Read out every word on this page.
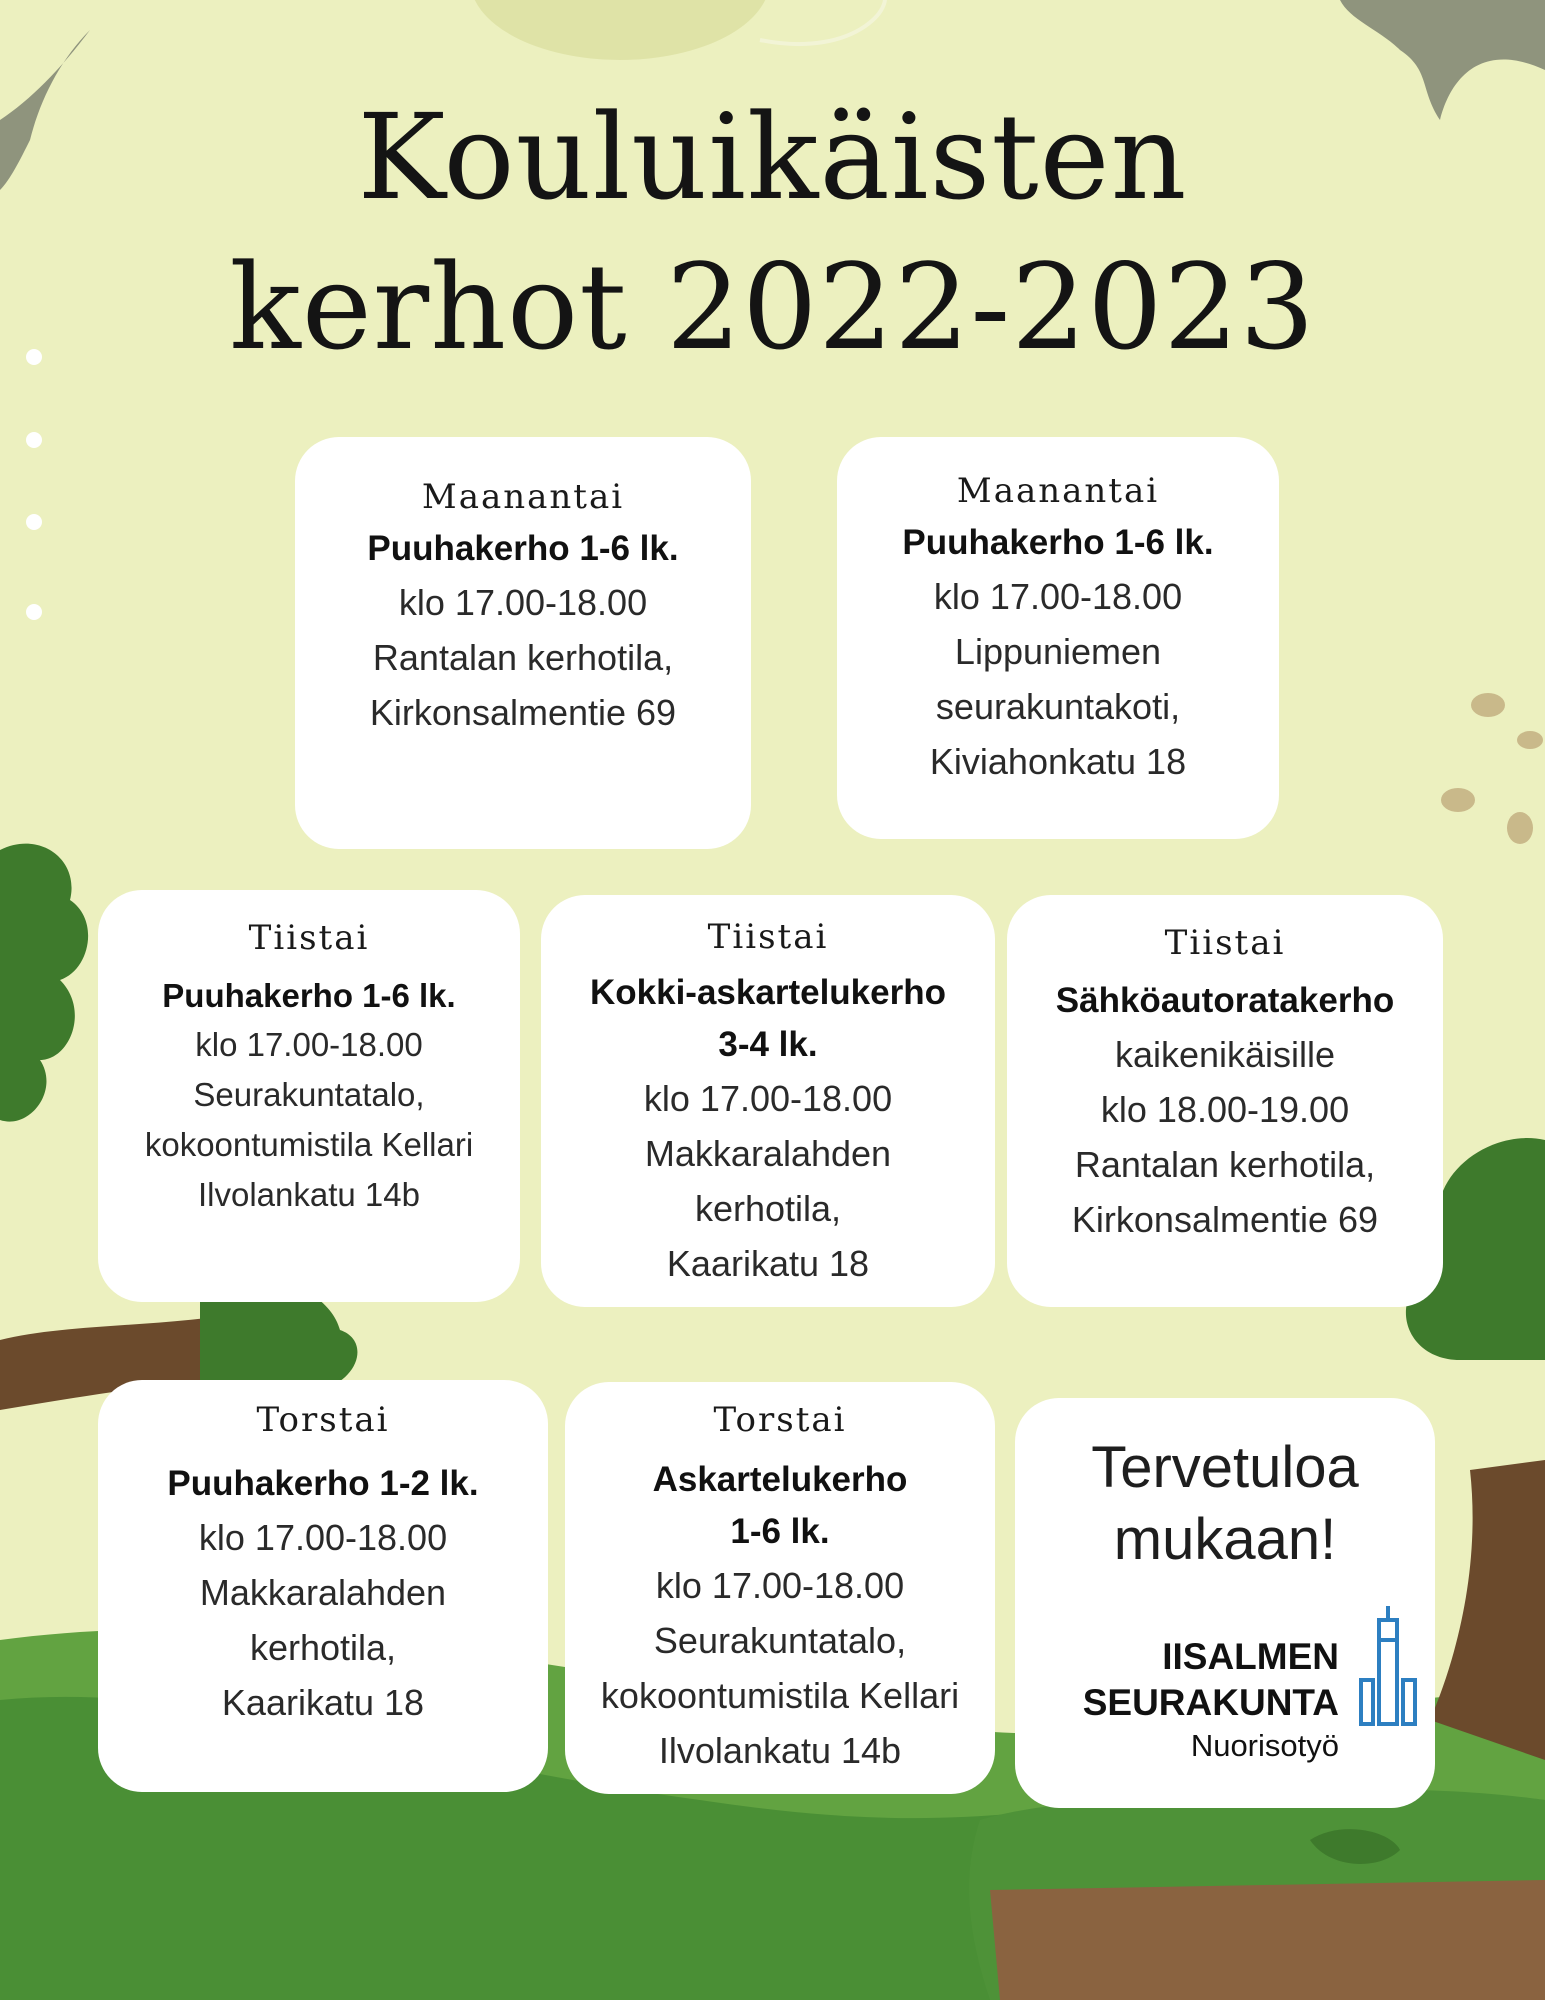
Kouluikäisten
kerhot 2022-2023
Maanantai
Puuhakerho 1-6 lk.
klo 17.00-18.00
Rantalan kerhotila,
Kirkonsalmentie 69
Maanantai
Puuhakerho 1-6 lk.
klo 17.00-18.00
Lippuniemen
seurakuntakoti,
Kiviahonkatu 18
Tiistai
Puuhakerho 1-6 lk.
klo 17.00-18.00
Seurakuntatalo,
kokoontumistila Kellari
Ilvolankatu 14b
Tiistai
Kokki-askartelukerho
3-4 lk.
klo 17.00-18.00
Makkaralahden
kerhotila,
Kaarikatu 18
Tiistai
Sähköautoratakerho
kaikenikäisille
klo 18.00-19.00
Rantalan kerhotila,
Kirkonsalmentie 69
Torstai
Puuhakerho 1-2 lk.
klo 17.00-18.00
Makkaralahden
kerhotila,
Kaarikatu 18
Torstai
Askartelukerho
1-6 lk.
klo 17.00-18.00
Seurakuntatalo,
kokoontumistila Kellari
Ilvolankatu 14b
Tervetuloa
mukaan!
IISALMEN
SEURAKUNTA
Nuorisotyö
